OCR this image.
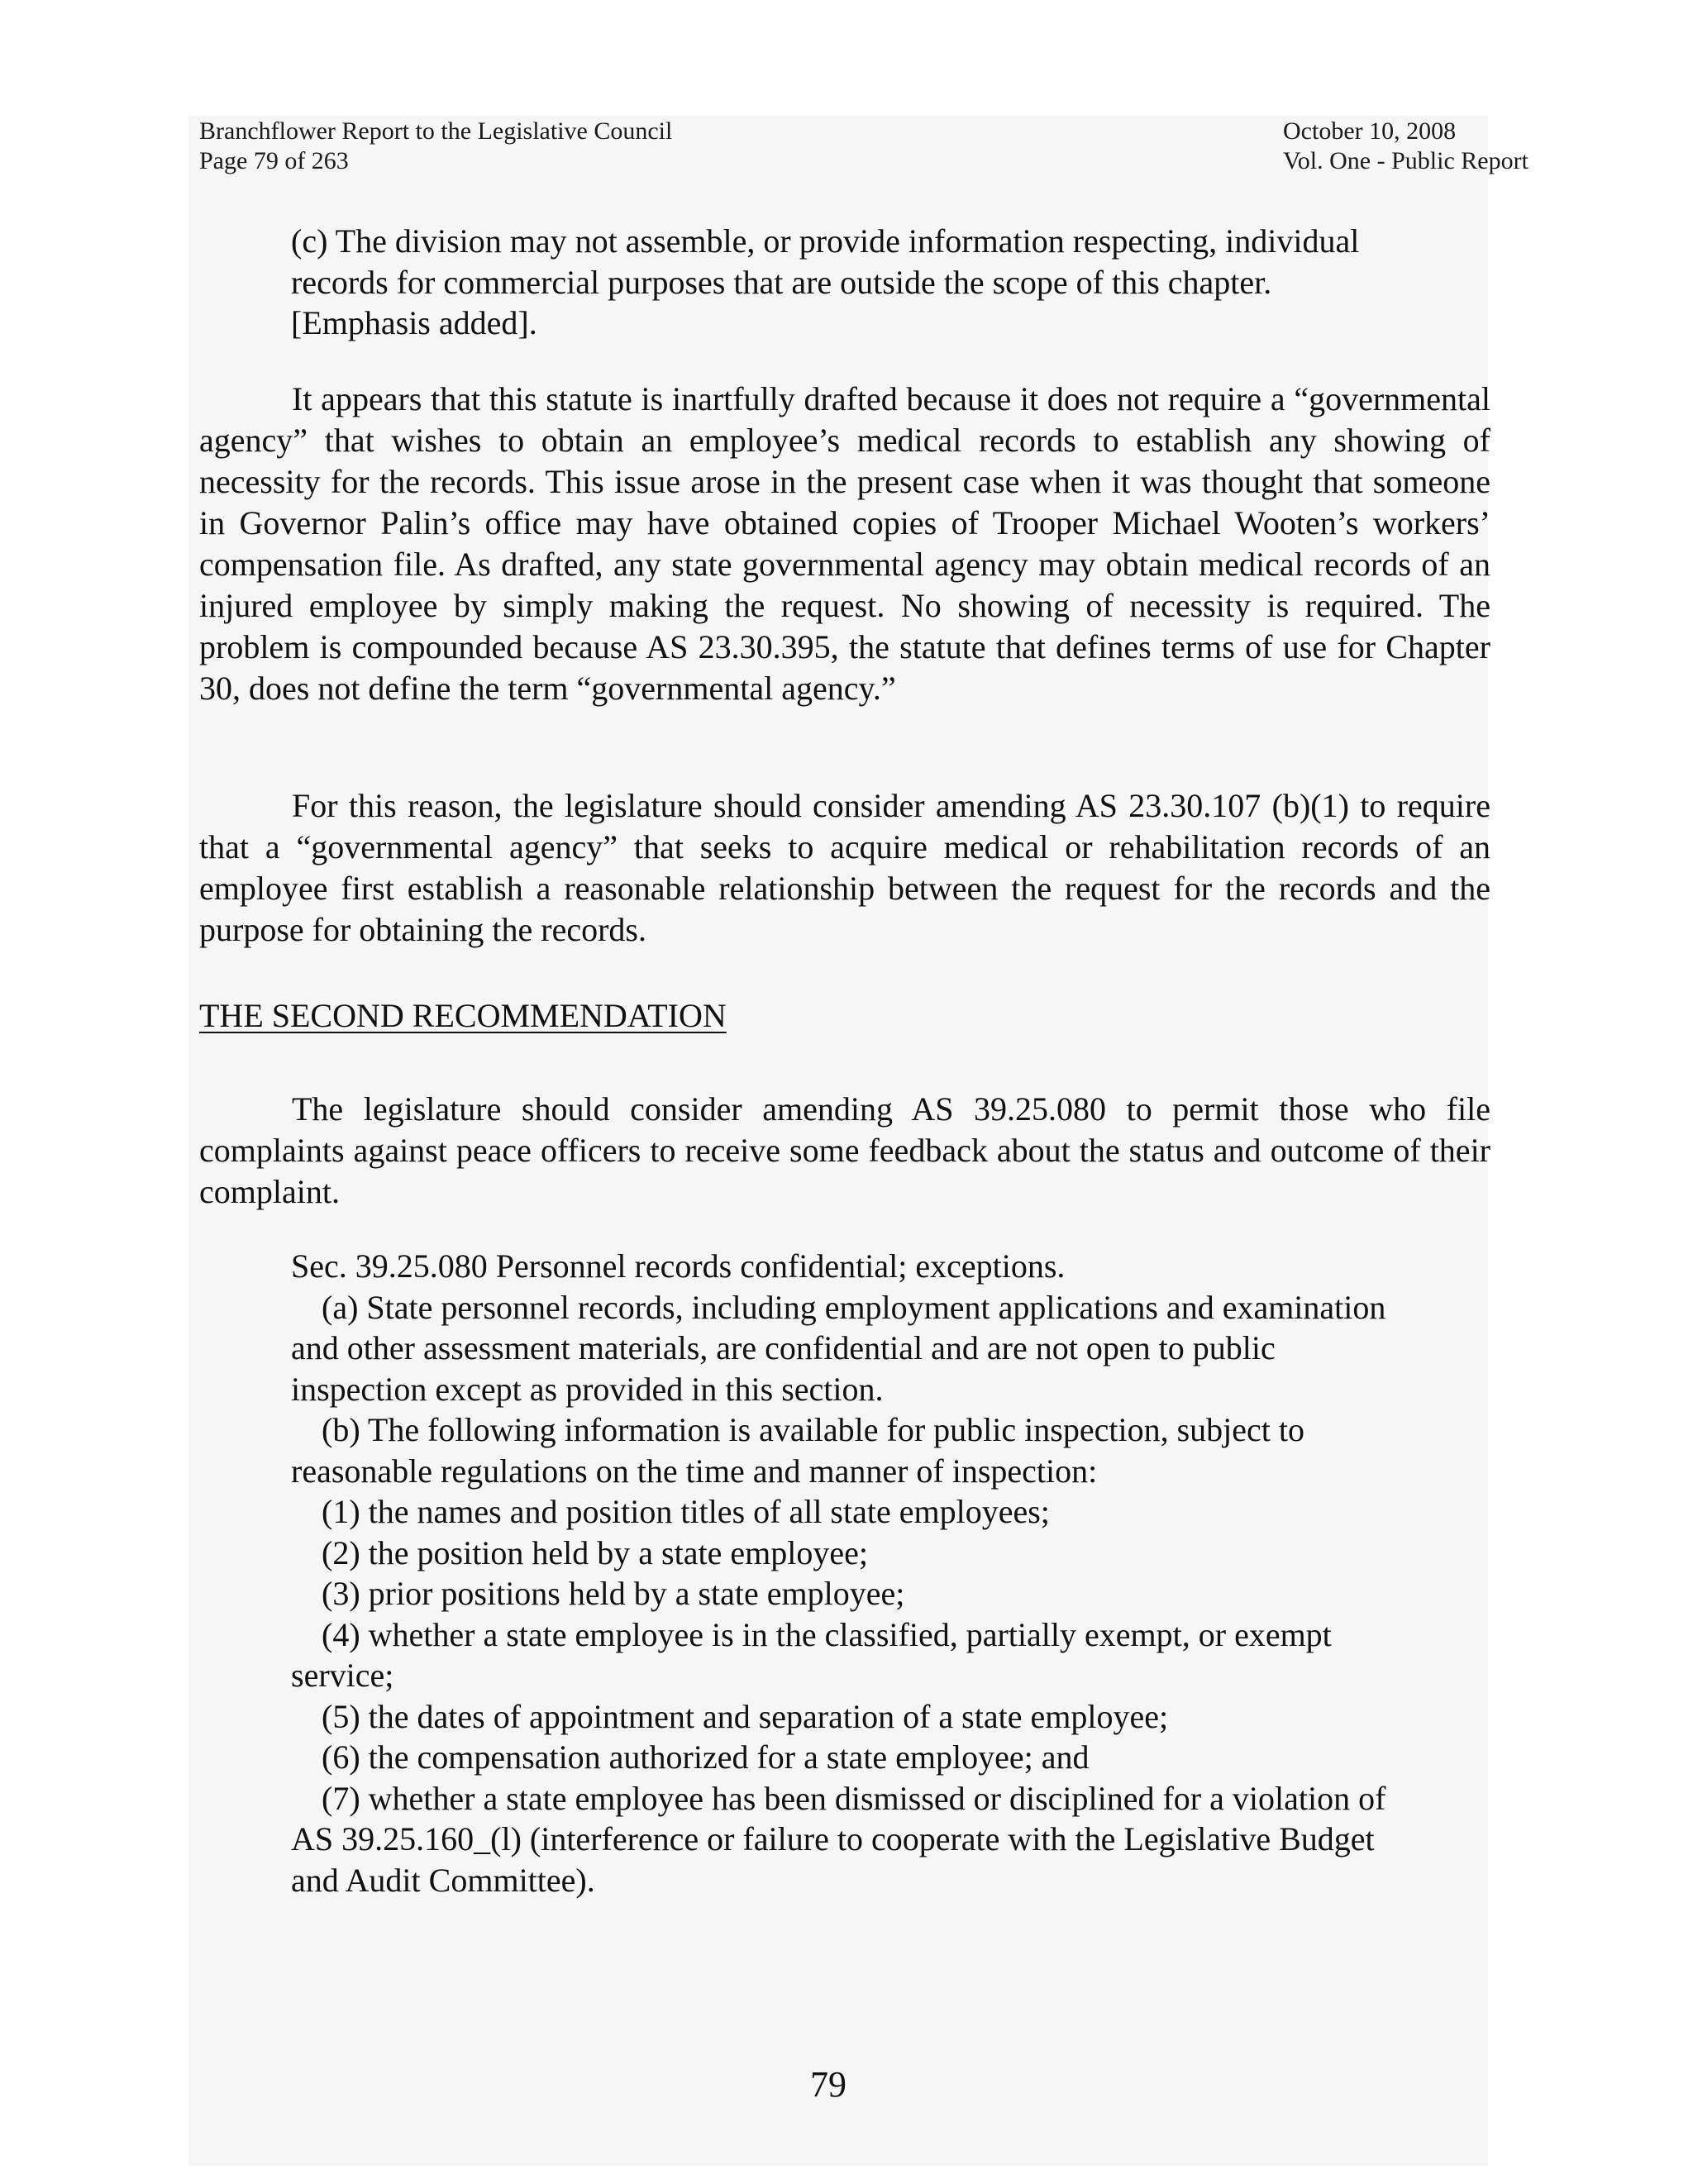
Branchflower Report to the Legislative Council
Page 79 of 263
October 10, 2008
Vol. One - Public Report

(c) The division may not assemble, or provide information respecting, individual records for commercial purposes that are outside the scope of this chapter. [Emphasis added].

It appears that this statute is inartfully drafted because it does not require a “governmental agency” that wishes to obtain an employee’s medical records to establish any showing of necessity for the records. This issue arose in the present case when it was thought that someone in Governor Palin’s office may have obtained copies of Trooper Michael Wooten’s workers’ compensation file. As drafted, any state governmental agency may obtain medical records of an injured employee by simply making the request. No showing of necessity is required. The problem is compounded because AS 23.30.395, the statute that defines terms of use for Chapter 30, does not define the term “governmental agency.”

For this reason, the legislature should consider amending AS 23.30.107 (b)(1) to require that a “governmental agency” that seeks to acquire medical or rehabilitation records of an employee first establish a reasonable relationship between the request for the records and the purpose for obtaining the records.

THE SECOND RECOMMENDATION

The legislature should consider amending AS 39.25.080 to permit those who file complaints against peace officers to receive some feedback about the status and outcome of their complaint.

Sec. 39.25.080 Personnel records confidential; exceptions.

(a) State personnel records, including employment applications and examination and other assessment materials, are confidential and are not open to public inspection except as provided in this section.

(b) The following information is available for public inspection, subject to reasonable regulations on the time and manner of inspection:

(1) the names and position titles of all state employees;

(2) the position held by a state employee;

(3) prior positions held by a state employee;

(4) whether a state employee is in the classified, partially exempt, or exempt service;

(5) the dates of appointment and separation of a state employee;

(6) the compensation authorized for a state employee; and

(7) whether a state employee has been dismissed or disciplined for a violation of AS 39.25.160_(l) (interference or failure to cooperate with the Legislative Budget and Audit Committee).

79
